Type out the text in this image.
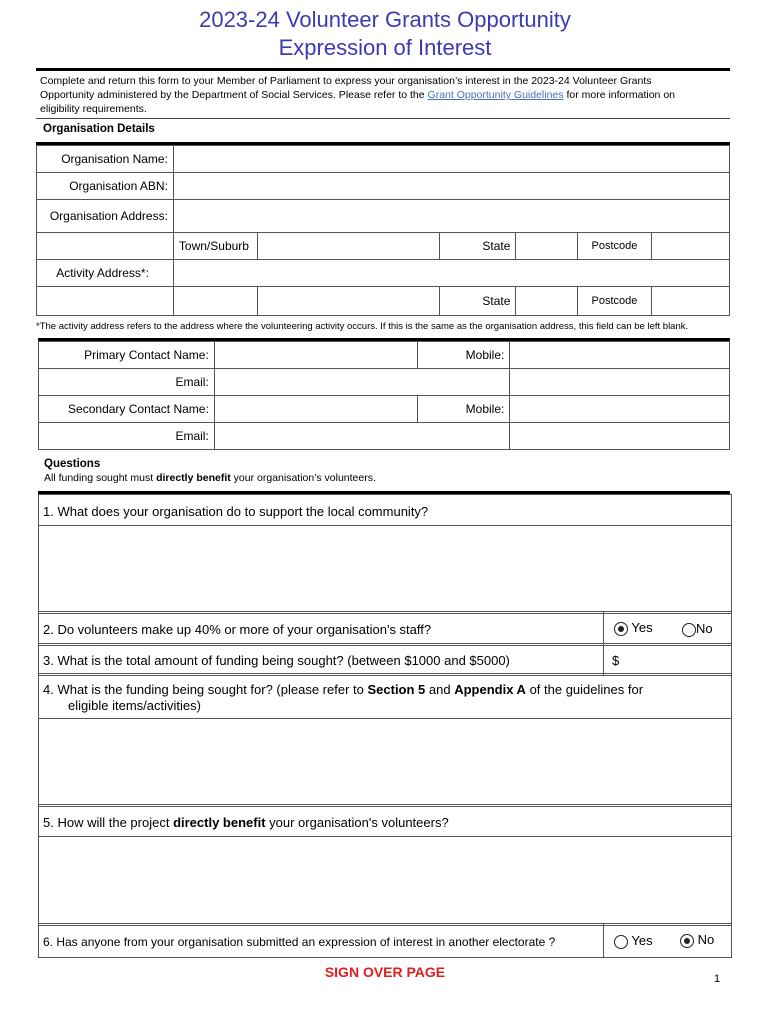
2023-24 Volunteer Grants Opportunity
Expression of Interest
Complete and return this form to your Member of Parliament to express your organisation’s interest in the 2023-24 Volunteer Grants Opportunity administered by the Department of Social Services. Please refer to the Grant Opportunity Guidelines for more information on eligibility requirements.
Organisation Details
Organisation Name:	
Organisation ABN:	
Organisation Address:	
	Town/Suburb		State		Postcode	
Activity Address*:	
			State		Postcode	
*The activity address refers to the address where the volunteering activity occurs. If this is the same as the organisation address, this field can be left blank.
Primary Contact Name:		Mobile:	
Email:		
Secondary Contact Name:		Mobile:	
Email:		
Questions
All funding sought must directly benefit your organisation’s volunteers.
1. What does your organisation do to support the local community?
2. Do volunteers make up 40% or more of your organisation's staff?	Yes	No
3. What is the total amount of funding being sought? (between $1000 and $5000)	$
4. What is the funding being sought for? (please refer to Section 5 and Appendix A of the guidelines for
eligible items/activities)
5. How will the project directly benefit your organisation's volunteers?
6. Has anyone from your organisation submitted an expression of interest in another electorate ?	Yes	No
SIGN OVER PAGE	1
